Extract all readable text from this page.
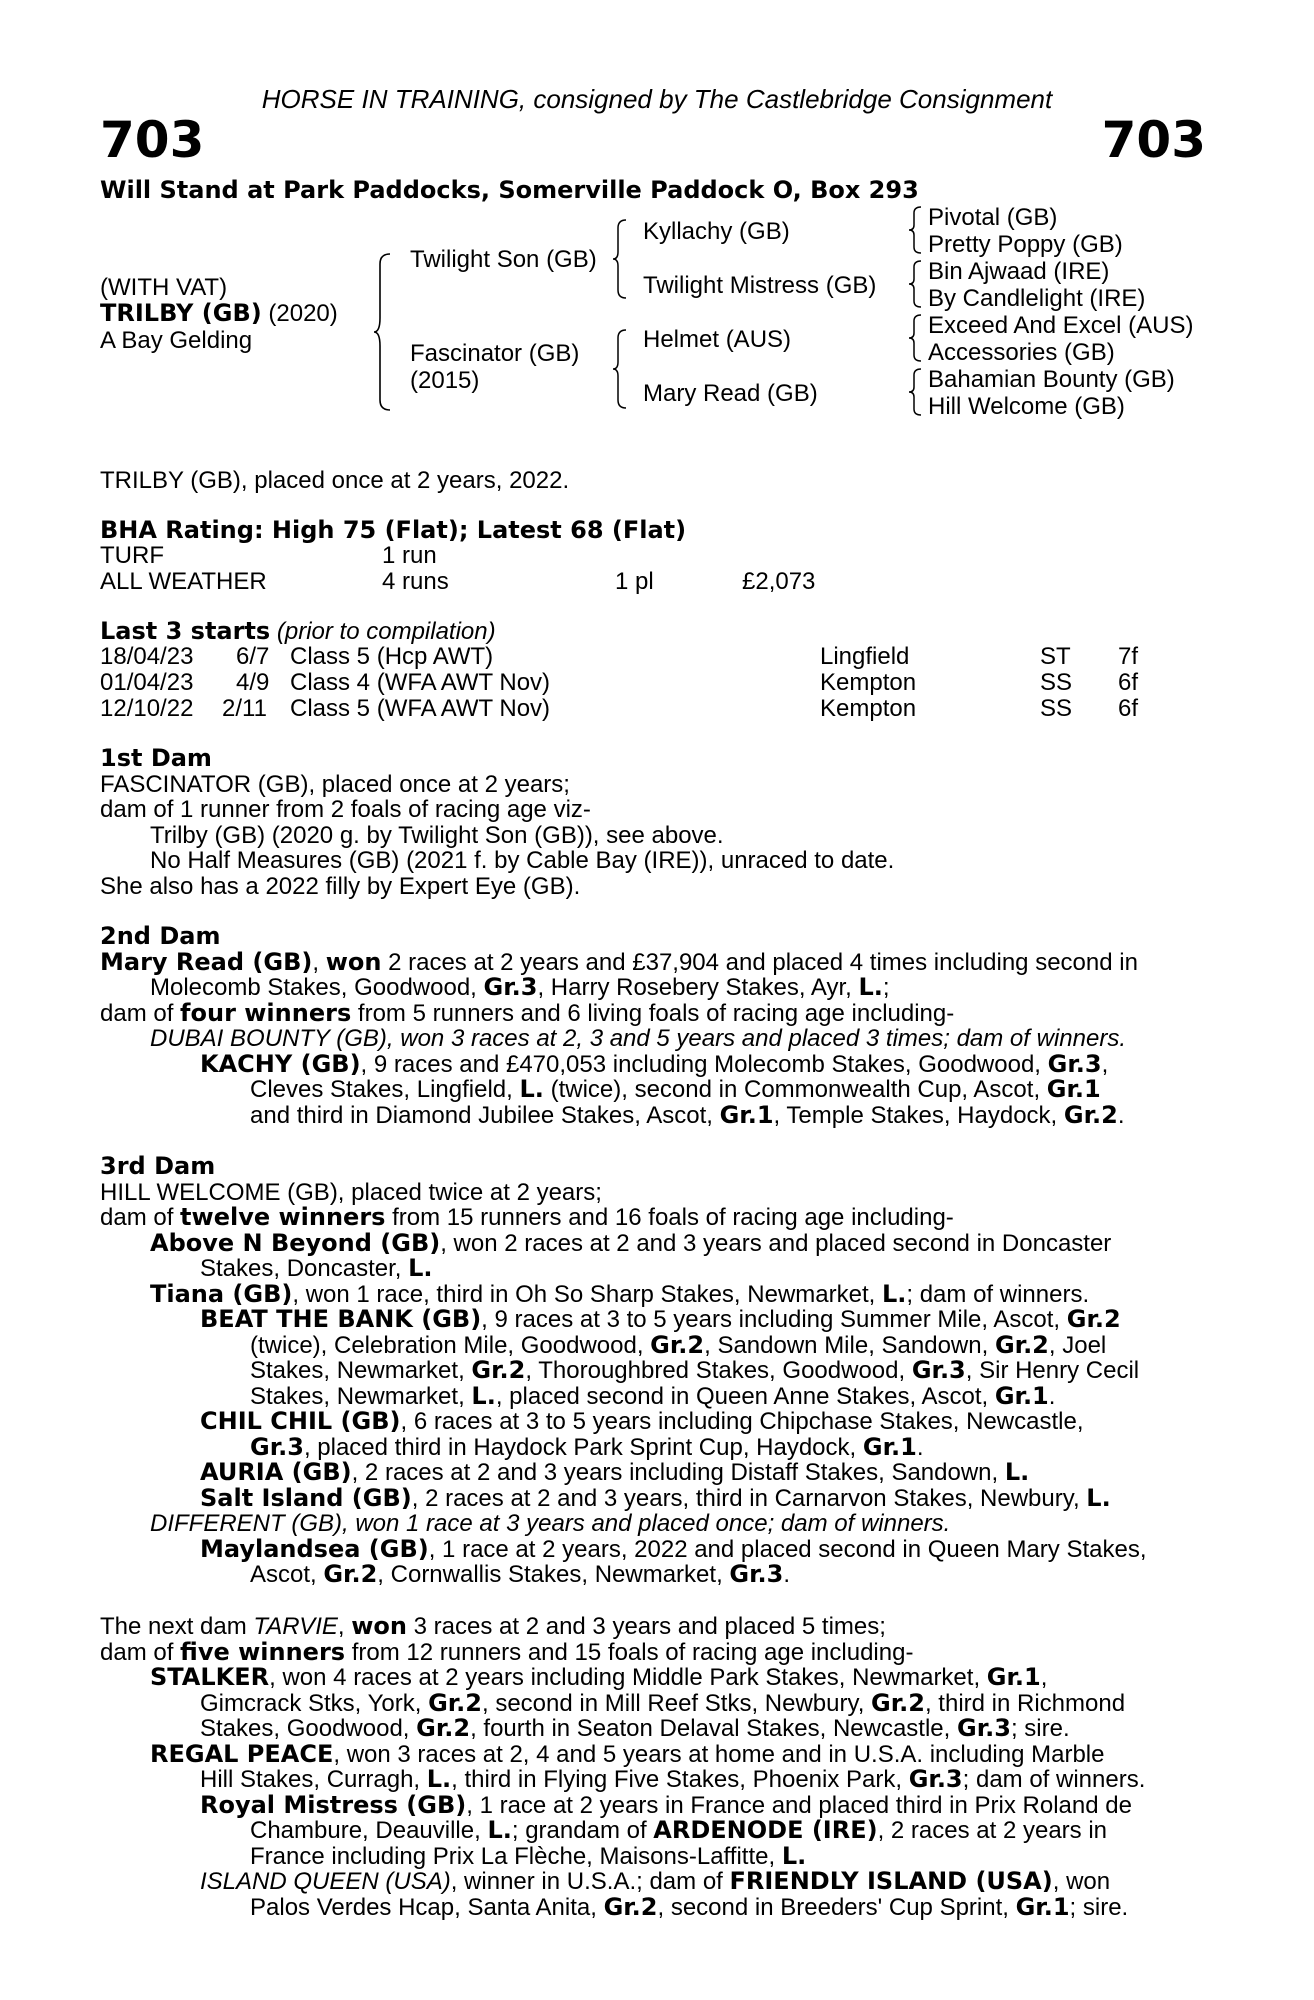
HORSE IN TRAINING, consigned by The Castlebridge Consignment
703	703
Will Stand at Park Paddocks, Somerville Paddock O, Box 293
(WITH VAT)
TRILBY (GB) (2020)
A Bay Gelding
Twilight Son (GB)
Fascinator (GB)
(2015)
Kyllachy (GB)
Twilight Mistress (GB)
Helmet (AUS)
Mary Read (GB)
Pivotal (GB)
Pretty Poppy (GB)
Bin Ajwaad (IRE)
By Candlelight (IRE)
Exceed And Excel (AUS)
Accessories (GB)
Bahamian Bounty (GB)
Hill Welcome (GB)
TRILBY (GB), placed once at 2 years, 2022.
BHA Rating: High 75 (Flat); Latest 68 (Flat)
TURF	1 run
ALL WEATHER	4 runs	1 pl	£2,073
Last 3 starts (prior to compilation)
18/04/23 6/7 Class 5 (Hcp AWT)	Lingfield	ST 7f
01/04/23 4/9 Class 4 (WFA AWT Nov)	Kempton	SS 6f
12/10/22 2/11 Class 5 (WFA AWT Nov)	Kempton	SS 6f
1st Dam
FASCINATOR (GB), placed once at 2 years;
dam of 1 runner from 2 foals of racing age viz-
Trilby (GB) (2020 g. by Twilight Son (GB)), see above.
No Half Measures (GB) (2021 f. by Cable Bay (IRE)), unraced to date.
She also has a 2022 filly by Expert Eye (GB).
2nd Dam
Mary Read (GB), won 2 races at 2 years and £37,904 and placed 4 times including second in
Molecomb Stakes, Goodwood, Gr.3, Harry Rosebery Stakes, Ayr, L.;
dam of four winners from 5 runners and 6 living foals of racing age including-
DUBAI BOUNTY (GB), won 3 races at 2, 3 and 5 years and placed 3 times; dam of winners.
KACHY (GB), 9 races and £470,053 including Molecomb Stakes, Goodwood, Gr.3,
Cleves Stakes, Lingfield, L. (twice), second in Commonwealth Cup, Ascot, Gr.1
and third in Diamond Jubilee Stakes, Ascot, Gr.1, Temple Stakes, Haydock, Gr.2.
3rd Dam
HILL WELCOME (GB), placed twice at 2 years;
dam of twelve winners from 15 runners and 16 foals of racing age including-
Above N Beyond (GB), won 2 races at 2 and 3 years and placed second in Doncaster
Stakes, Doncaster, L.
Tiana (GB), won 1 race, third in Oh So Sharp Stakes, Newmarket, L.; dam of winners.
BEAT THE BANK (GB), 9 races at 3 to 5 years including Summer Mile, Ascot, Gr.2
(twice), Celebration Mile, Goodwood, Gr.2, Sandown Mile, Sandown, Gr.2, Joel
Stakes, Newmarket, Gr.2, Thoroughbred Stakes, Goodwood, Gr.3, Sir Henry Cecil
Stakes, Newmarket, L., placed second in Queen Anne Stakes, Ascot, Gr.1.
CHIL CHIL (GB), 6 races at 3 to 5 years including Chipchase Stakes, Newcastle,
Gr.3, placed third in Haydock Park Sprint Cup, Haydock, Gr.1.
AURIA (GB), 2 races at 2 and 3 years including Distaff Stakes, Sandown, L.
Salt Island (GB), 2 races at 2 and 3 years, third in Carnarvon Stakes, Newbury, L.
DIFFERENT (GB), won 1 race at 3 years and placed once; dam of winners.
Maylandsea (GB), 1 race at 2 years, 2022 and placed second in Queen Mary Stakes,
Ascot, Gr.2, Cornwallis Stakes, Newmarket, Gr.3.
The next dam TARVIE, won 3 races at 2 and 3 years and placed 5 times;
dam of five winners from 12 runners and 15 foals of racing age including-
STALKER, won 4 races at 2 years including Middle Park Stakes, Newmarket, Gr.1,
Gimcrack Stks, York, Gr.2, second in Mill Reef Stks, Newbury, Gr.2, third in Richmond
Stakes, Goodwood, Gr.2, fourth in Seaton Delaval Stakes, Newcastle, Gr.3; sire.
REGAL PEACE, won 3 races at 2, 4 and 5 years at home and in U.S.A. including Marble
Hill Stakes, Curragh, L., third in Flying Five Stakes, Phoenix Park, Gr.3; dam of winners.
Royal Mistress (GB), 1 race at 2 years in France and placed third in Prix Roland de
Chambure, Deauville, L.; grandam of ARDENODE (IRE), 2 races at 2 years in
France including Prix La Flèche, Maisons-Laffitte, L.
ISLAND QUEEN (USA), winner in U.S.A.; dam of FRIENDLY ISLAND (USA), won
Palos Verdes Hcap, Santa Anita, Gr.2, second in Breeders' Cup Sprint, Gr.1; sire.
